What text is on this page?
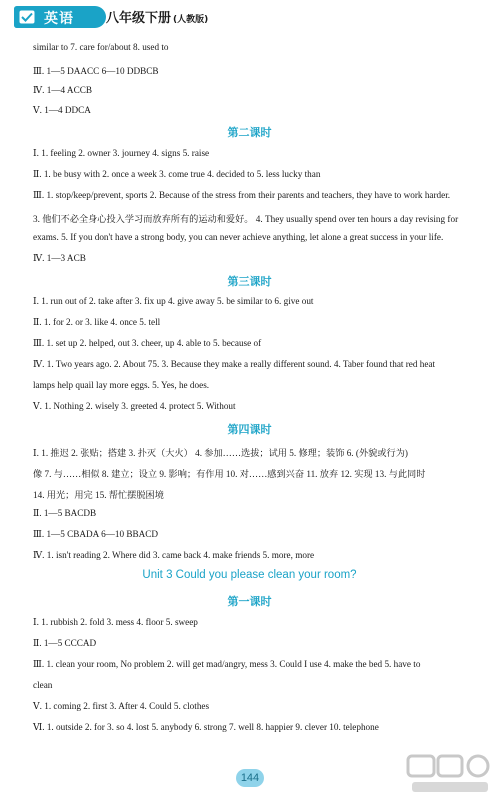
英语 八年级下册 (人教版)
similar to 7. care for/about 8. used to
Ⅲ. 1—5 DAACC 6—10 DDBCB
Ⅳ. 1—4 ACCB
Ⅴ. 1—4 DDCA
第二课时
Ⅰ. 1. feeling 2. owner 3. journey 4. signs 5. raise
Ⅱ. 1. be busy with 2. once a week 3. come true 4. decided to 5. less lucky than
Ⅲ. 1. stop/keep/prevent, sports 2. Because of the stress from their parents and teachers, they have to work harder.
3. 他们不必全身心投入学习而放弃所有的运动和爱好。 4. They usually spend over ten hours a day revising for
exams. 5. If you don't have a strong body, you can never achieve anything, let alone a great success in your life.
Ⅳ. 1—3 ACB
第三课时
Ⅰ. 1. run out of 2. take after 3. fix up 4. give away 5. be similar to 6. give out
Ⅱ. 1. for 2. or 3. like 4. once 5. tell
Ⅲ. 1. set up 2. helped, out 3. cheer, up 4. able to 5. because of
Ⅳ. 1. Two years ago. 2. About 75. 3. Because they make a really different sound. 4. Taber found that red heat
lamps help quail lay more eggs. 5. Yes, he does.
Ⅴ. 1. Nothing 2. wisely 3. greeted 4. protect 5. Without
第四课时
Ⅰ. 1. 推迟 2. 张贴；搭建 3. 扑灭（大火） 4. 参加……选拔；试用 5. 修理；装饰 6. (外貌或行为)
像 7. 与……相似 8. 建立；设立 9. 影响；有作用 10. 对……感到兴奋 11. 放弃 12. 实现 13. 与此同时
14. 用光；用完 15. 帮忙摆脱困境
Ⅱ. 1—5 BACDB
Ⅲ. 1—5 CBADA 6—10 BBACD
Ⅳ. 1. isn't reading 2. Where did 3. came back 4. make friends 5. more, more
Unit 3 Could you please clean your room?
第一课时
Ⅰ. 1. rubbish 2. fold 3. mess 4. floor 5. sweep
Ⅱ. 1—5 CCCAD
Ⅲ. 1. clean your room, No problem 2. will get mad/angry, mess 3. Could I use 4. make the bed 5. have to
clean
Ⅴ. 1. coming 2. first 3. After 4. Could 5. clothes
Ⅵ. 1. outside 2. for 3. so 4. lost 5. anybody 6. strong 7. well 8. happier 9. clever 10. telephone
144
